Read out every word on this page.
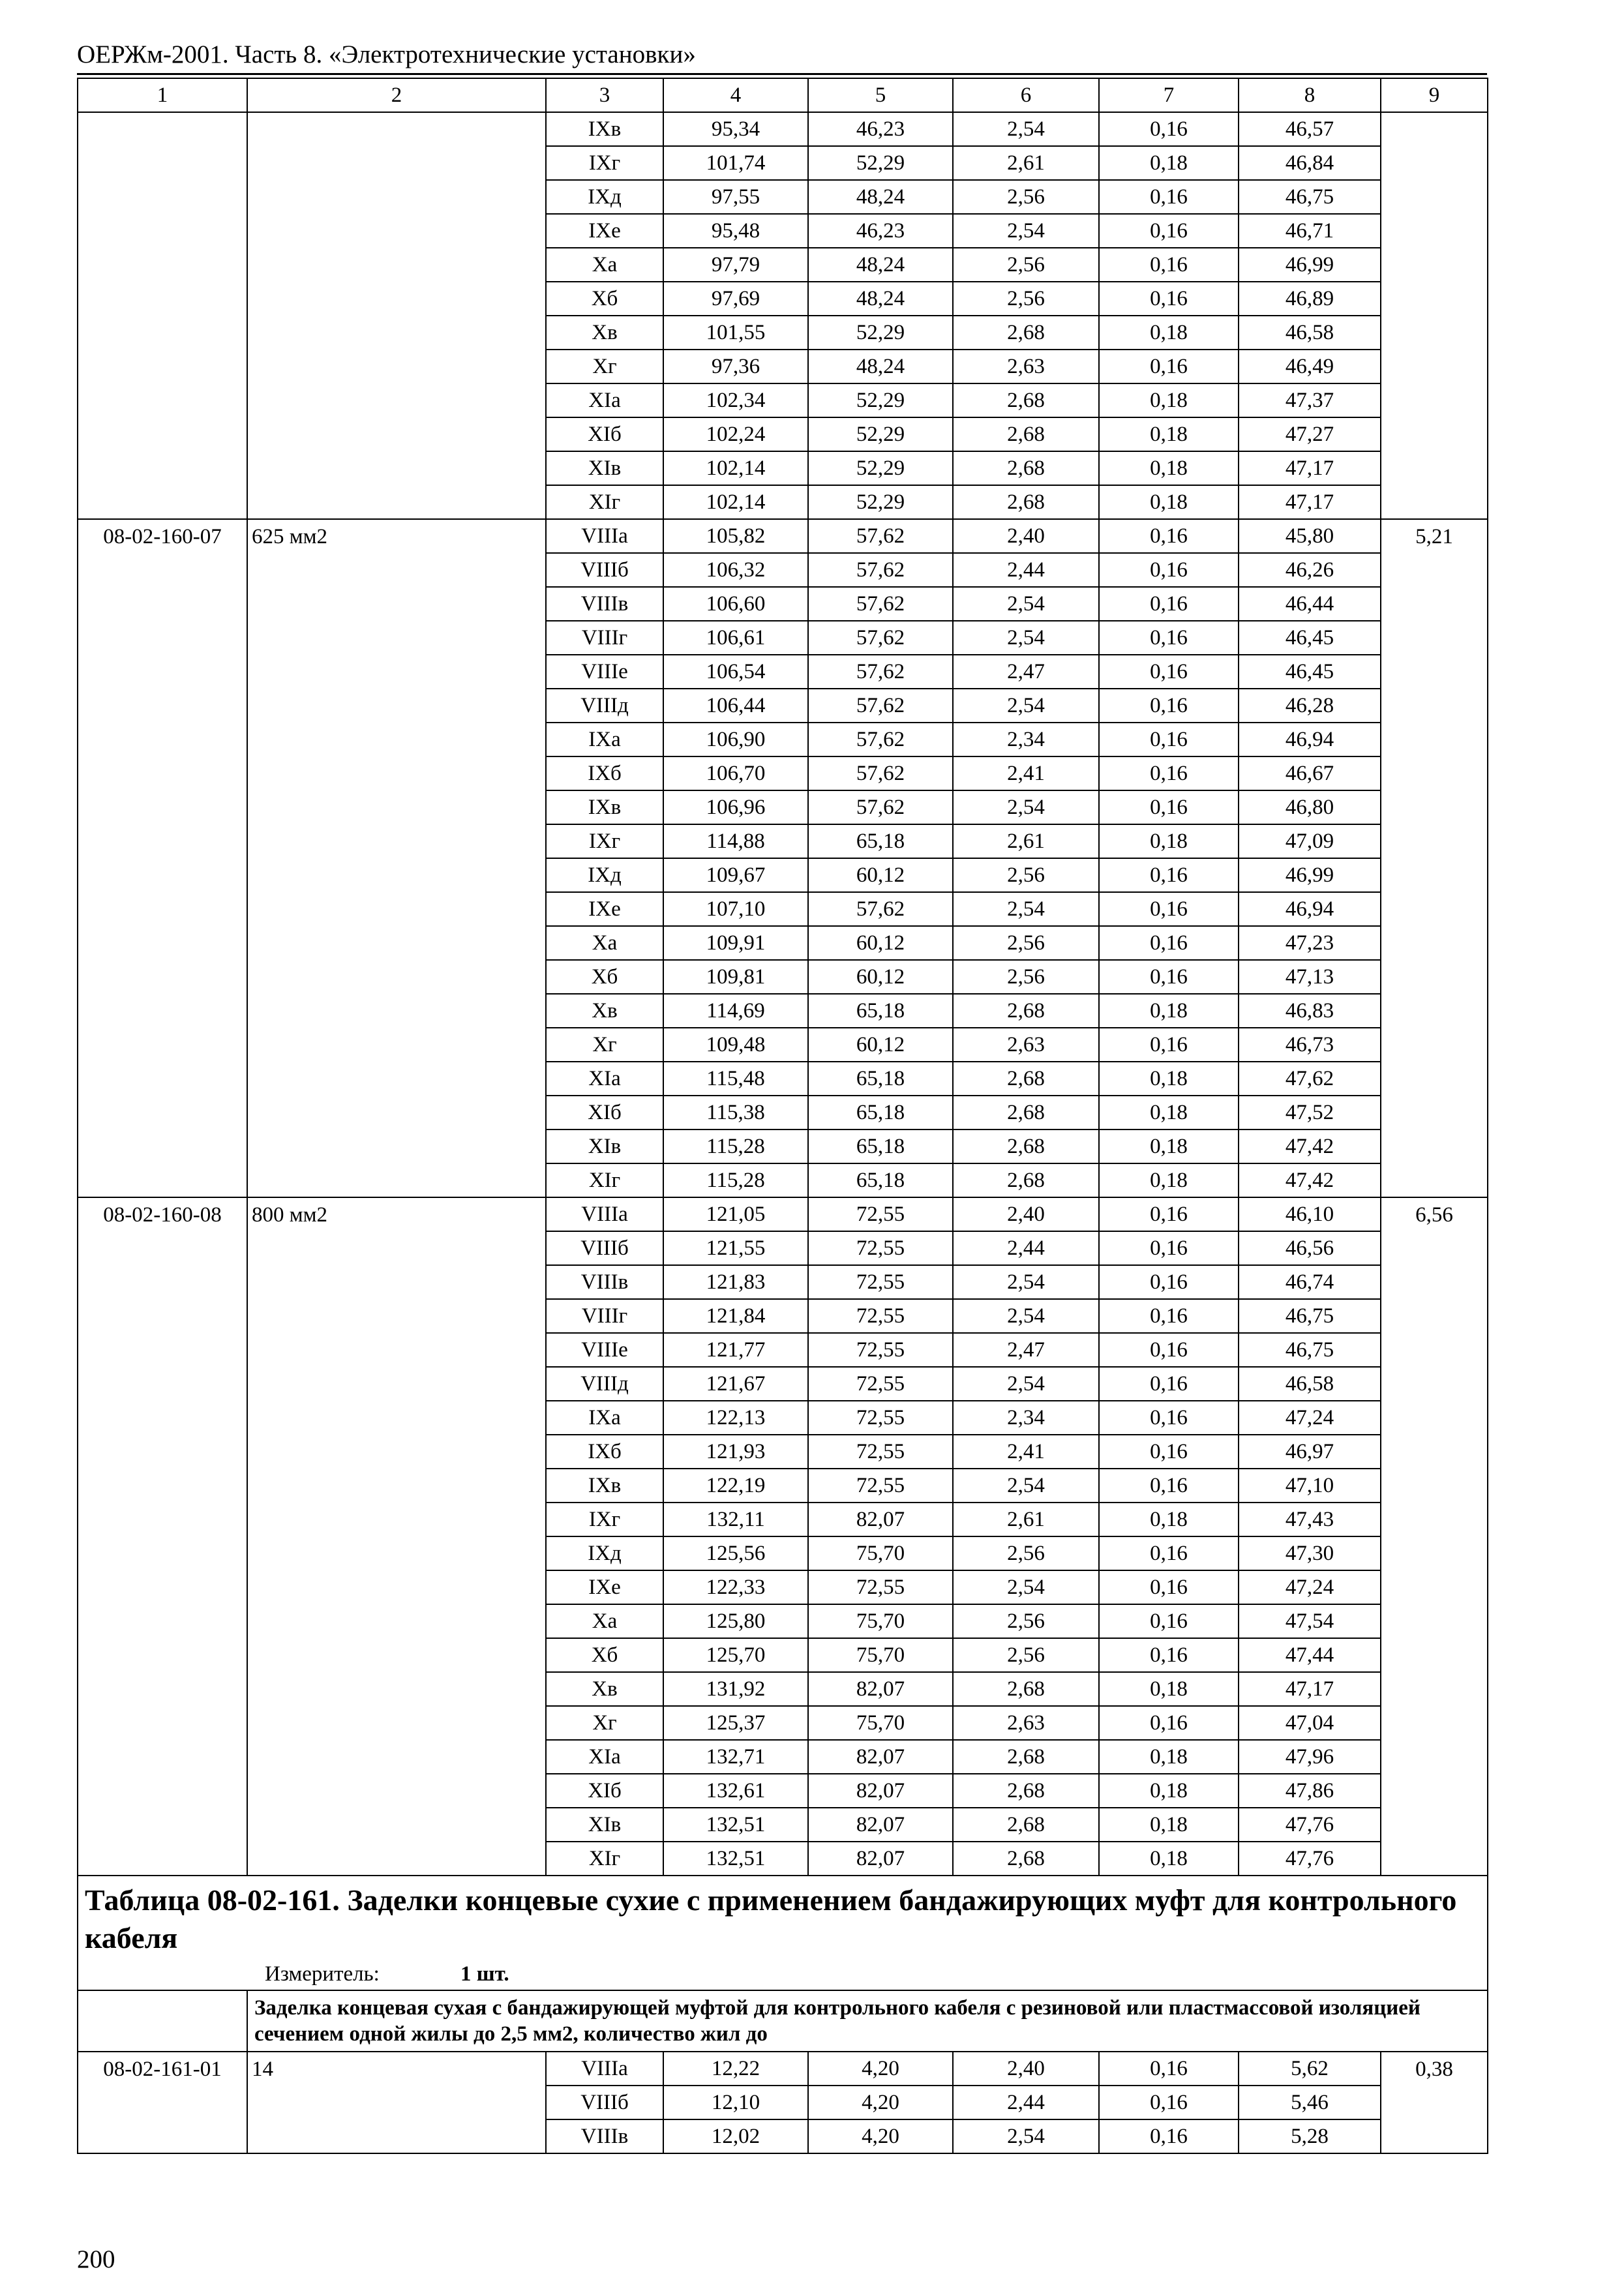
ОЕРЖм-2001. Часть 8. «Электротехнические установки»
1	2	3	4	5	6	7	8	9
		IXв	95,34	46,23	2,54	0,16	46,57	
		IXг	101,74	52,29	2,61	0,18	46,84	
		IXд	97,55	48,24	2,56	0,16	46,75	
		IXе	95,48	46,23	2,54	0,16	46,71	
		Xа	97,79	48,24	2,56	0,16	46,99	
		Xб	97,69	48,24	2,56	0,16	46,89	
		Xв	101,55	52,29	2,68	0,18	46,58	
		Xг	97,36	48,24	2,63	0,16	46,49	
		XIа	102,34	52,29	2,68	0,18	47,37	
		XIб	102,24	52,29	2,68	0,18	47,27	
		XIв	102,14	52,29	2,68	0,18	47,17	
		XIг	102,14	52,29	2,68	0,18	47,17	
08-02-160-07	625 мм2	VIIIа	105,82	57,62	2,40	0,16	45,80	5,21
		VIIIб	106,32	57,62	2,44	0,16	46,26	
		VIIIв	106,60	57,62	2,54	0,16	46,44	
		VIIIг	106,61	57,62	2,54	0,16	46,45	
		VIIIе	106,54	57,62	2,47	0,16	46,45	
		VIIIд	106,44	57,62	2,54	0,16	46,28	
		IXа	106,90	57,62	2,34	0,16	46,94	
		IXб	106,70	57,62	2,41	0,16	46,67	
		IXв	106,96	57,62	2,54	0,16	46,80	
		IXг	114,88	65,18	2,61	0,18	47,09	
		IXд	109,67	60,12	2,56	0,16	46,99	
		IXе	107,10	57,62	2,54	0,16	46,94	
		Xа	109,91	60,12	2,56	0,16	47,23	
		Xб	109,81	60,12	2,56	0,16	47,13	
		Xв	114,69	65,18	2,68	0,18	46,83	
		Xг	109,48	60,12	2,63	0,16	46,73	
		XIа	115,48	65,18	2,68	0,18	47,62	
		XIб	115,38	65,18	2,68	0,18	47,52	
		XIв	115,28	65,18	2,68	0,18	47,42	
		XIг	115,28	65,18	2,68	0,18	47,42	
08-02-160-08	800 мм2	VIIIа	121,05	72,55	2,40	0,16	46,10	6,56
		VIIIб	121,55	72,55	2,44	0,16	46,56	
		VIIIв	121,83	72,55	2,54	0,16	46,74	
		VIIIг	121,84	72,55	2,54	0,16	46,75	
		VIIIе	121,77	72,55	2,47	0,16	46,75	
		VIIIд	121,67	72,55	2,54	0,16	46,58	
		IXа	122,13	72,55	2,34	0,16	47,24	
		IXб	121,93	72,55	2,41	0,16	46,97	
		IXв	122,19	72,55	2,54	0,16	47,10	
		IXг	132,11	82,07	2,61	0,18	47,43	
		IXд	125,56	75,70	2,56	0,16	47,30	
		IXе	122,33	72,55	2,54	0,16	47,24	
		Xа	125,80	75,70	2,56	0,16	47,54	
		Xб	125,70	75,70	2,56	0,16	47,44	
		Xв	131,92	82,07	2,68	0,18	47,17	
		Xг	125,37	75,70	2,63	0,16	47,04	
		XIа	132,71	82,07	2,68	0,18	47,96	
		XIб	132,61	82,07	2,68	0,18	47,86	
		XIв	132,51	82,07	2,68	0,18	47,76	
		XIг	132,51	82,07	2,68	0,18	47,76	

Таблица 08-02-161. Заделки концевые сухие с применением бандажирующих муфт для контрольного кабеля
Измеритель: 1 шт.								

	Заделка концевая сухая с бандажирующей муфтой для контрольного кабеля с резиновой или пластмассовой изоляцией сечением одной жилы до 2,5 мм2, количество жил до							
08-02-161-01	14	VIIIа	12,22	4,20	2,40	0,16	5,62	0,38
		VIIIб	12,10	4,20	2,44	0,16	5,46	
		VIIIв	12,02	4,20	2,54	0,16	5,28	
200
